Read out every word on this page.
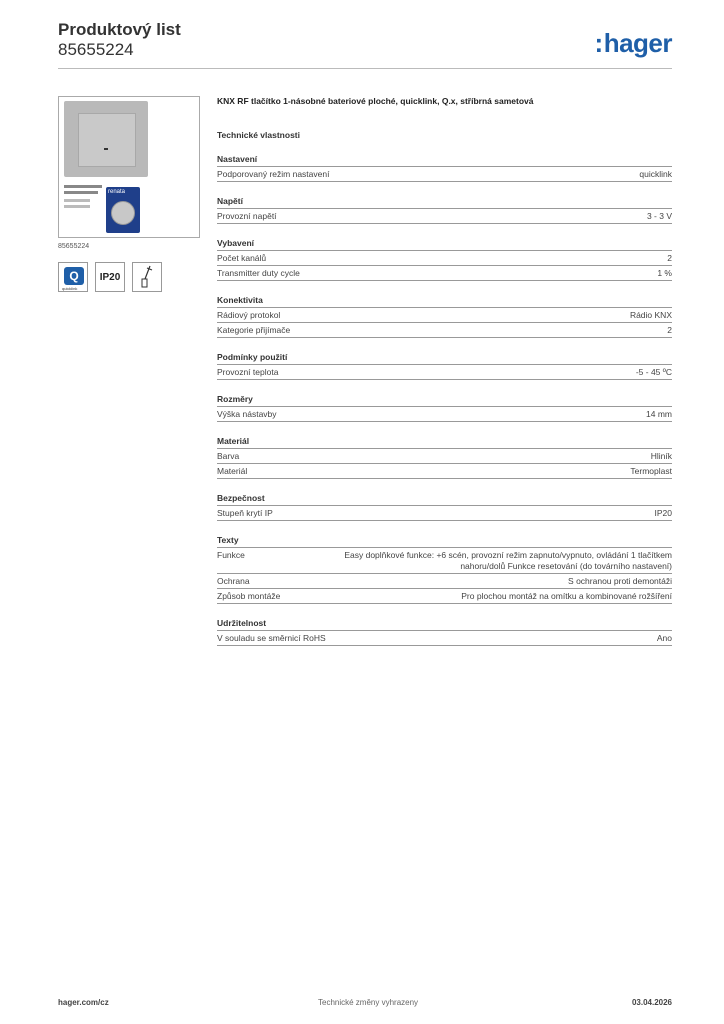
Produktový list
85655224	:hager
renata
85655224
Q
quicklink
IP20
KNX RF tlačítko 1-násobné bateriové ploché, quicklink, Q.x, stříbrná sametová
Technické vlastnosti
Nastavení
Podporovaný režim nastavení	quicklink
Napětí
Provozní napětí	3 - 3 V
Vybavení
Počet kanálů	2
Transmitter duty cycle	1 %
Konektivita
Rádiový protokol	Rádio KNX
Kategorie přijímače	2
Podmínky použití
Provozní teplota	-5 - 45 ºC
Rozměry
Výška nástavby	14 mm
Materiál
Barva	Hliník
Materiál	Termoplast
Bezpečnost
Stupeň krytí IP	IP20
Texty
Funkce	Easy doplňkové funkce: +6 scén, provozní režim zapnuto/vypnuto, ovládání 1 tlačítkem nahoru/dolů Funkce resetování (do továrního nastavení)
Ochrana	S ochranou proti demontáži
Způsob montáže	Pro plochou montáž na omítku a kombinované rožšíření
Udržitelnost
V souladu se směrnicí RoHS	Ano
hager.com/cz	Technické změny vyhrazeny	03.04.2026
